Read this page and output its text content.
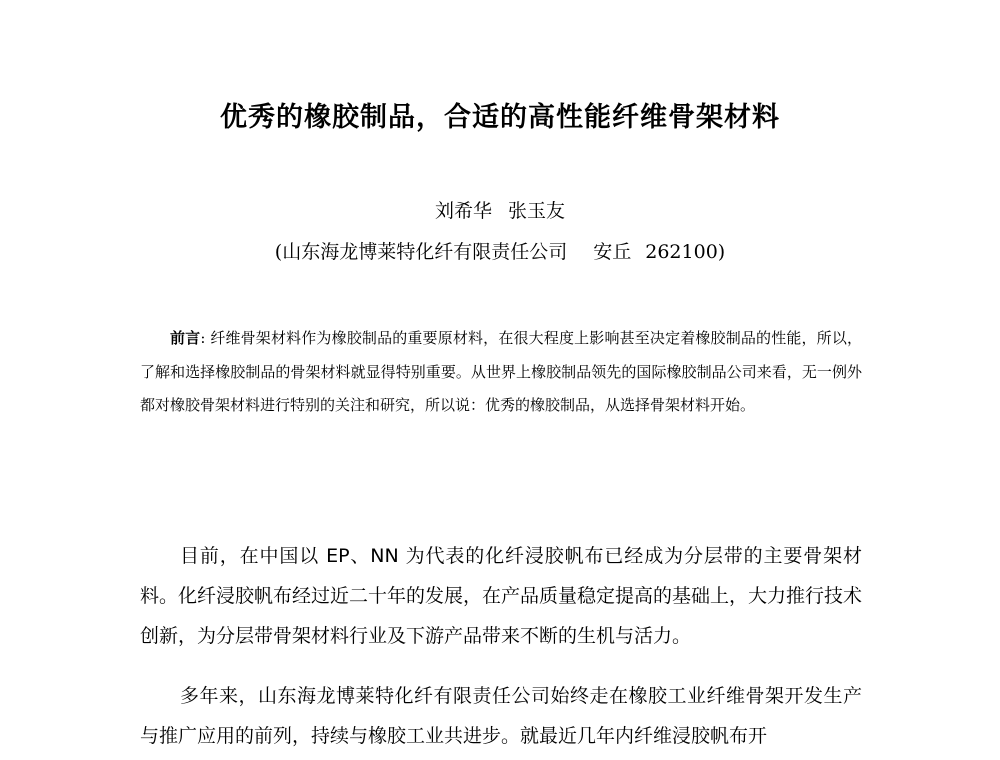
优秀的橡胶制品，合适的高性能纤维骨架材料

刘希华 张玉友

(山东海龙博莱特化纤有限责任公司 安丘 262100)

前言: 纤维骨架材料作为橡胶制品的重要原材料，在很大程度上影响甚至决定着橡胶制品的性能，所以，了解和选择橡胶制品的骨架材料就显得特别重要。从世界上橡胶制品领先的国际橡胶制品公司来看，无一例外都对橡胶骨架材料进行特别的关注和研究，所以说：优秀的橡胶制品，从选择骨架材料开始。

目前，在中国以 EP、NN 为代表的化纤浸胶帆布已经成为分层带的主要骨架材料。化纤浸胶帆布经过近二十年的发展，在产品质量稳定提高的基础上，大力推行技术创新，为分层带骨架材料行业及下游产品带来不断的生机与活力。

多年来，山东海龙博莱特化纤有限责任公司始终走在橡胶工业纤维骨架开发生产与推广应用的前列，持续与橡胶工业共进步。就最近几年内纤维浸胶帆布开
